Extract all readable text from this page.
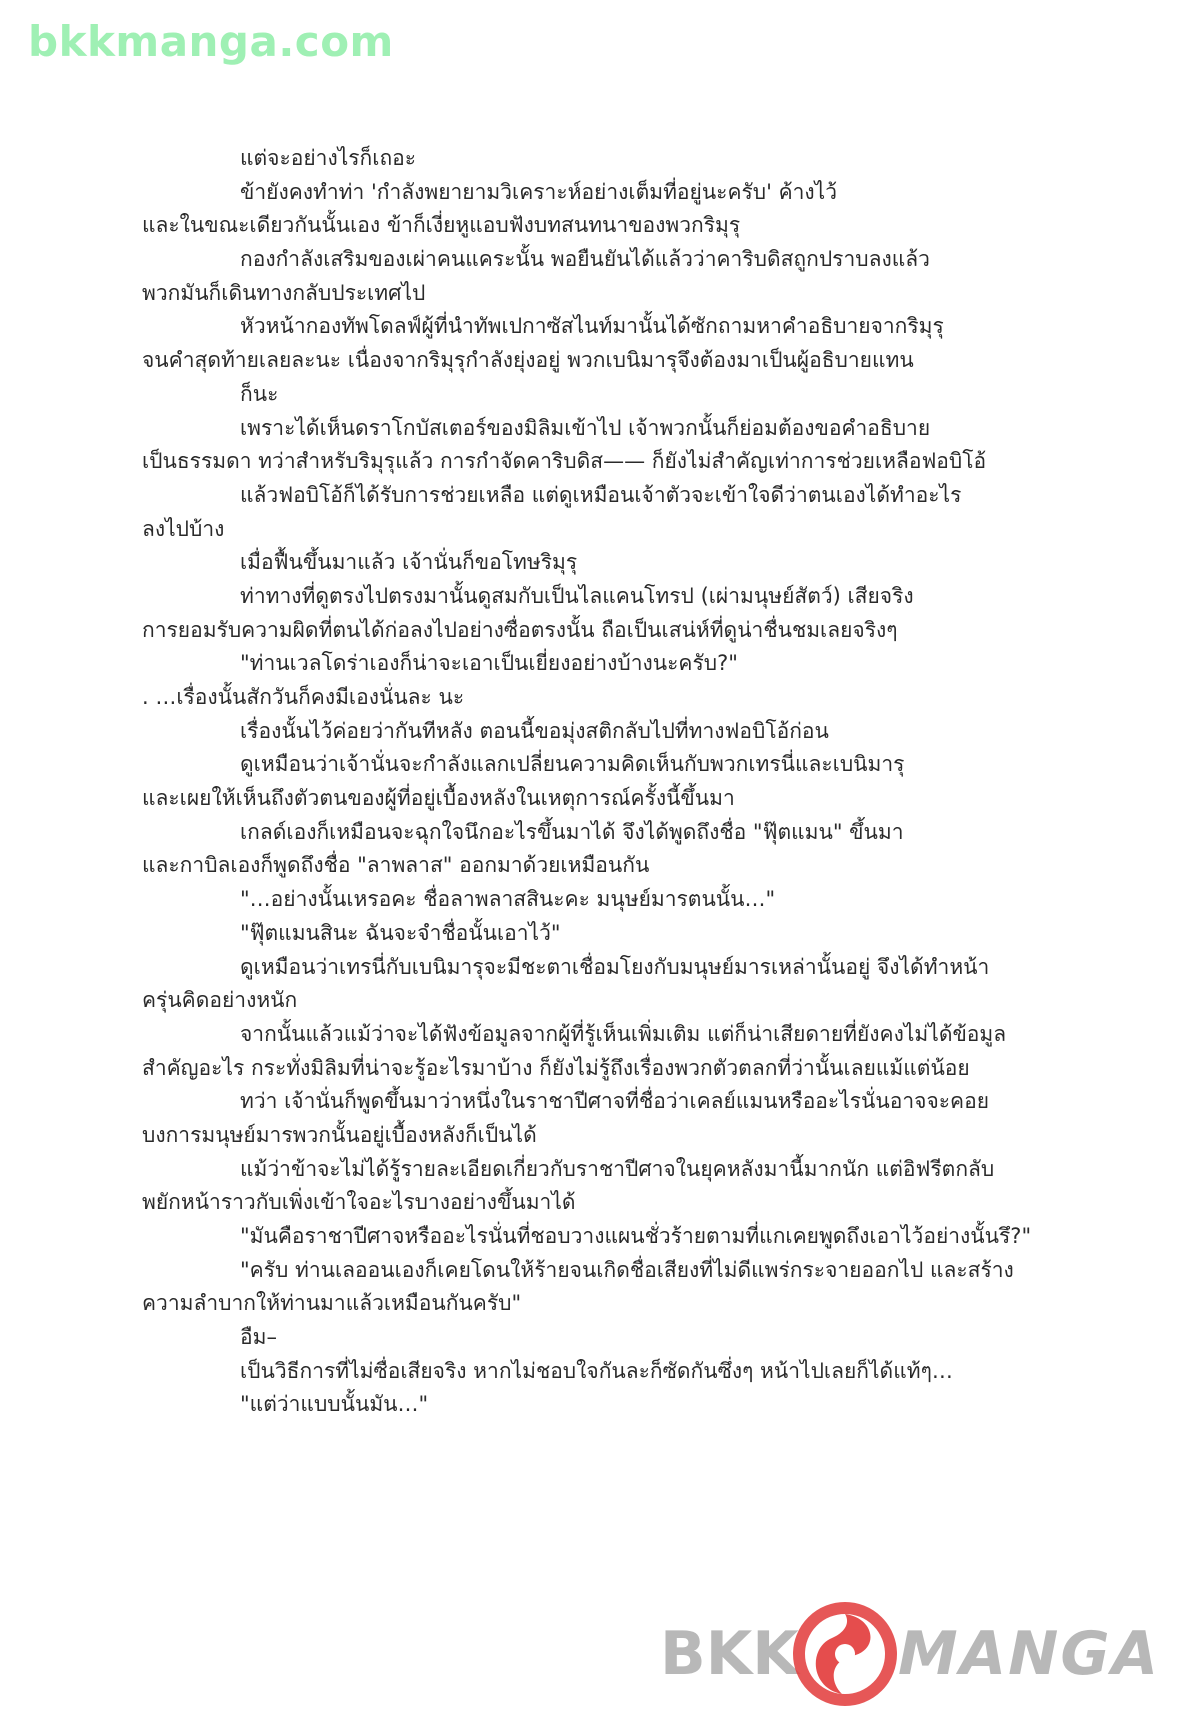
bkkmanga.com
แต่จะอย่างไรก็เถอะ
ข้ายังคงทำท่า 'กำลังพยายามวิเคราะห์อย่างเต็มที่อยู่นะครับ' ค้างไว้
และในขณะเดียวกันนั้นเอง ข้าก็เงี่ยหูแอบฟังบทสนทนาของพวกริมุรุ
กองกำลังเสริมของเผ่าคนแคระนั้น พอยืนยันได้แล้วว่าคาริบดิสถูกปราบลงแล้ว
พวกมันก็เดินทางกลับประเทศไป
หัวหน้ากองทัพโดลฟ์ผู้ที่นำทัพเปกาซัสไนท์มานั้นได้ซักถามหาคำอธิบายจากริมุรุ
จนคำสุดท้ายเลยละนะ เนื่องจากริมุรุกำลังยุ่งอยู่ พวกเบนิมารุจึงต้องมาเป็นผู้อธิบายแทน
ก็นะ
เพราะได้เห็นดราโกบัสเตอร์ของมิลิมเข้าไป เจ้าพวกนั้นก็ย่อมต้องขอคำอธิบาย
เป็นธรรมดา ทว่าสำหรับริมุรุแล้ว การกำจัดคาริบดิส—— ก็ยังไม่สำคัญเท่าการช่วยเหลือฟอบิโอ้
แล้วฟอบิโอ้ก็ได้รับการช่วยเหลือ แต่ดูเหมือนเจ้าตัวจะเข้าใจดีว่าตนเองได้ทำอะไร
ลงไปบ้าง
เมื่อฟื้นขึ้นมาแล้ว เจ้านั่นก็ขอโทษริมุรุ
ท่าทางที่ดูตรงไปตรงมานั้นดูสมกับเป็นไลแคนโทรป (เผ่ามนุษย์สัตว์) เสียจริง
การยอมรับความผิดที่ตนได้ก่อลงไปอย่างซื่อตรงนั้น ถือเป็นเสน่ห์ที่ดูน่าชื่นชมเลยจริงๆ
"ท่านเวลโดร่าเองก็น่าจะเอาเป็นเยี่ยงอย่างบ้างนะครับ?"
. …เรื่องนั้นสักวันก็คงมีเองนั่นละ นะ
เรื่องนั้นไว้ค่อยว่ากันทีหลัง ตอนนี้ขอมุ่งสติกลับไปที่ทางฟอบิโอ้ก่อน
ดูเหมือนว่าเจ้านั่นจะกำลังแลกเปลี่ยนความคิดเห็นกับพวกเทรนี่และเบนิมารุ
และเผยให้เห็นถึงตัวตนของผู้ที่อยู่เบื้องหลังในเหตุการณ์ครั้งนี้ขึ้นมา
เกลด์เองก็เหมือนจะฉุกใจนึกอะไรขึ้นมาได้ จึงได้พูดถึงชื่อ "ฟุ๊ตแมน" ขึ้นมา
และกาบิลเองก็พูดถึงชื่อ "ลาพลาส" ออกมาด้วยเหมือนกัน
"…อย่างนั้นเหรอคะ ชื่อลาพลาสสินะคะ มนุษย์มารตนนั้น…"
"ฟุ๊ตแมนสินะ ฉันจะจำชื่อนั้นเอาไว้"
ดูเหมือนว่าเทรนี่กับเบนิมารุจะมีชะตาเชื่อมโยงกับมนุษย์มารเหล่านั้นอยู่ จึงได้ทำหน้า
ครุ่นคิดอย่างหนัก
จากนั้นแล้วแม้ว่าจะได้ฟังข้อมูลจากผู้ที่รู้เห็นเพิ่มเติม แต่ก็น่าเสียดายที่ยังคงไม่ได้ข้อมูล
สำคัญอะไร กระทั่งมิลิมที่น่าจะรู้อะไรมาบ้าง ก็ยังไม่รู้ถึงเรื่องพวกตัวตลกที่ว่านั้นเลยแม้แต่น้อย
ทว่า เจ้านั่นก็พูดขึ้นมาว่าหนึ่งในราชาปีศาจที่ชื่อว่าเคลย์แมนหรืออะไรนั่นอาจจะคอย
บงการมนุษย์มารพวกนั้นอยู่เบื้องหลังก็เป็นได้
แม้ว่าข้าจะไม่ได้รู้รายละเอียดเกี่ยวกับราชาปีศาจในยุคหลังมานี้มากนัก แต่อิฟรีตกลับ
พยักหน้าราวกับเพิ่งเข้าใจอะไรบางอย่างขึ้นมาได้
"มันคือราชาปีศาจหรืออะไรนั่นที่ชอบวางแผนชั่วร้ายตามที่แกเคยพูดถึงเอาไว้อย่างนั้นรึ?"
"ครับ ท่านเลออนเองก็เคยโดนให้ร้ายจนเกิดชื่อเสียงที่ไม่ดีแพร่กระจายออกไป และสร้าง
ความลำบากให้ท่านมาแล้วเหมือนกันครับ"
อืม–
เป็นวิธีการที่ไม่ซื่อเสียจริง หากไม่ชอบใจกันละก็ซัดกันซึ่งๆ หน้าไปเลยก็ได้แท้ๆ…
"แต่ว่าแบบนั้นมัน…"
BKK MANGA
